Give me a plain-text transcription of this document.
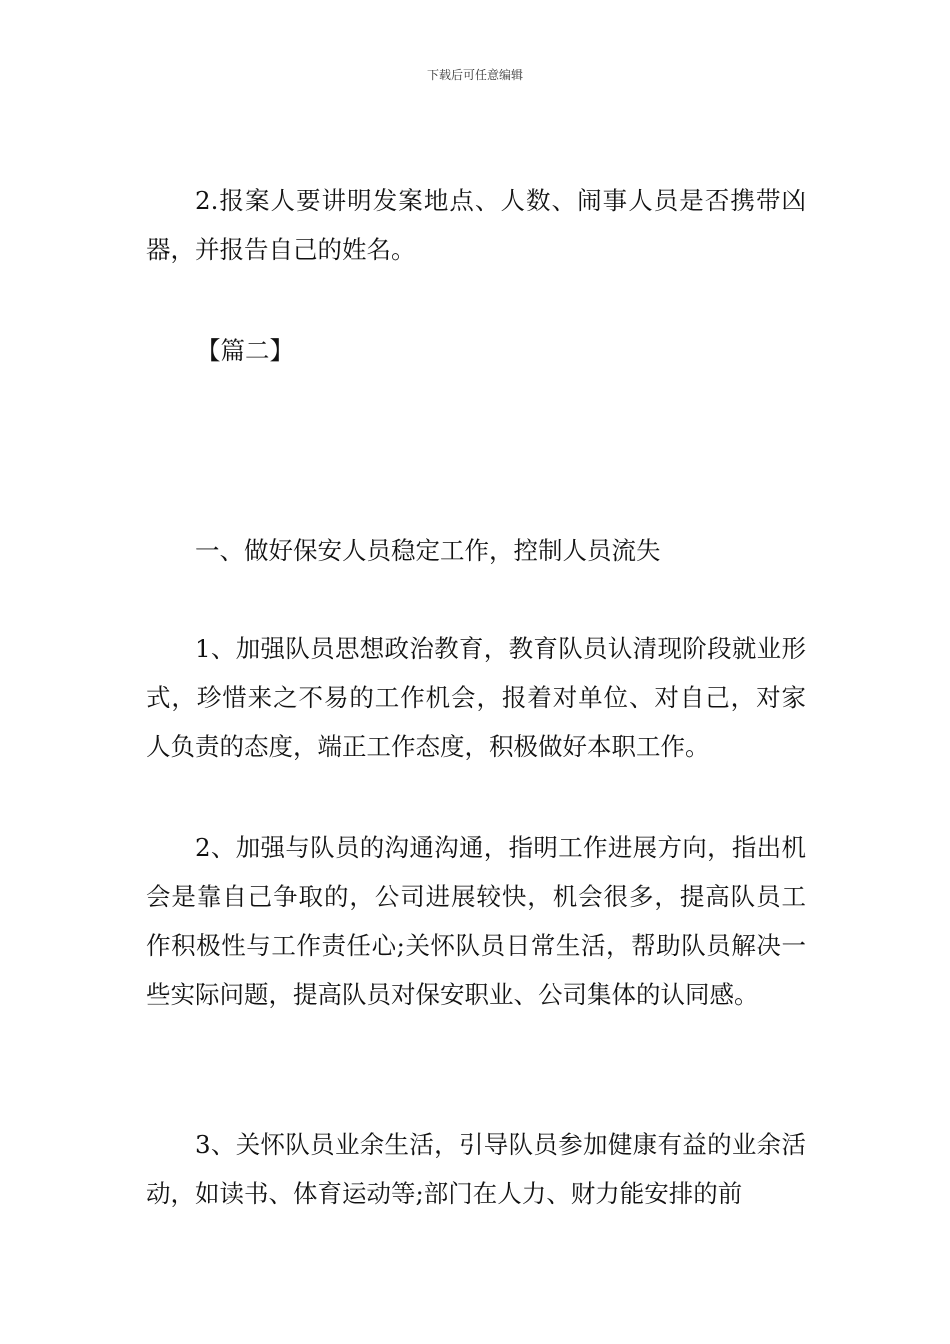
下载后可任意编辑

2.报案人要讲明发案地点、人数、闹事人员是否携带凶器，并报告自己的姓名。

【篇二】

一、做好保安人员稳定工作，控制人员流失

1、加强队员思想政治教育，教育队员认清现阶段就业形式，珍惜来之不易的工作机会，报着对单位、对自己，对家人负责的态度，端正工作态度，积极做好本职工作。

2、加强与队员的沟通沟通，指明工作进展方向，指出机会是靠自己争取的，公司进展较快，机会很多，提高队员工作积极性与工作责任心;关怀队员日常生活，帮助队员解决一些实际问题，提高队员对保安职业、公司集体的认同感。

3、关怀队员业余生活，引导队员参加健康有益的业余活动，如读书、体育运动等;部门在人力、财力能安排的前
